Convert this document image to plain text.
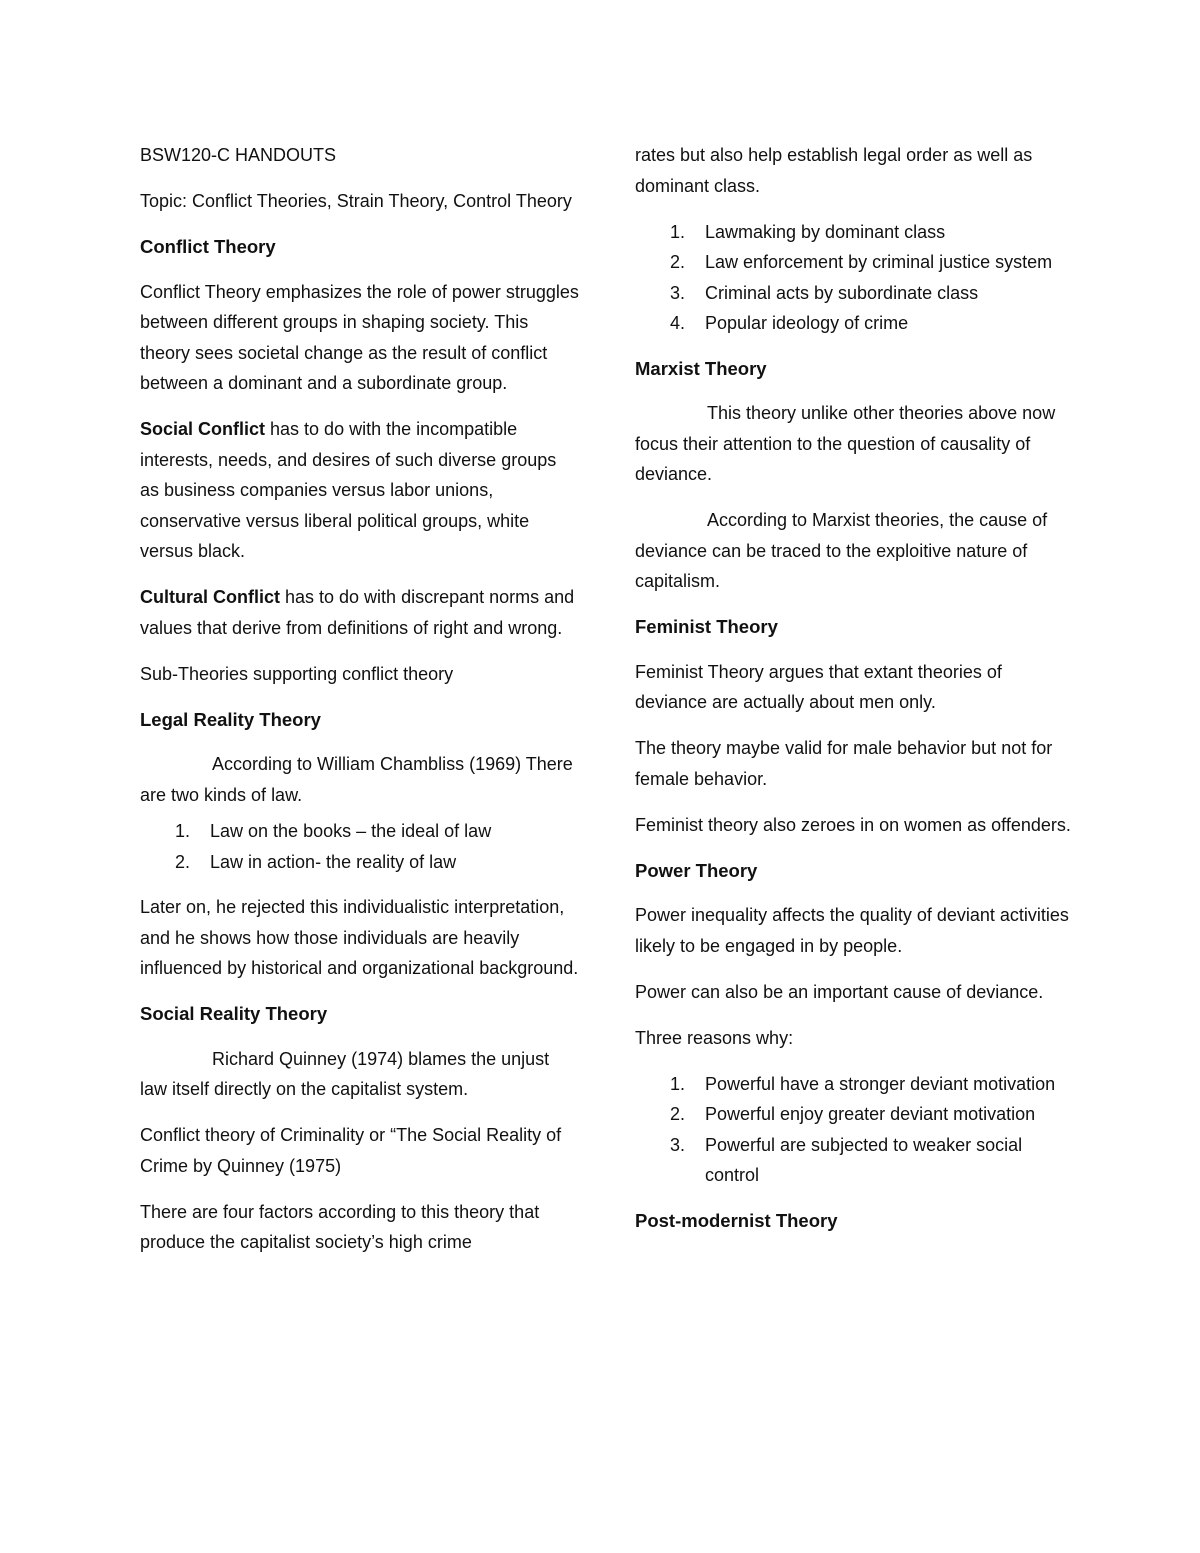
BSW120-C HANDOUTS

Topic: Conflict Theories, Strain Theory, Control Theory

Conflict Theory

Conflict Theory emphasizes the role of power struggles between different groups in shaping society. This theory sees societal change as the result of conflict between a dominant and a subordinate group.

Social Conflict has to do with the incompatible interests, needs, and desires of such diverse groups as business companies versus labor unions, conservative versus liberal political groups, white versus black.

Cultural Conflict has to do with discrepant norms and values that derive from definitions of right and wrong.

Sub-Theories supporting conflict theory

Legal Reality Theory

According to William Chambliss (1969) There are two kinds of law.

1. Law on the books – the ideal of law
2. Law in action- the reality of law

Later on, he rejected this individualistic interpretation, and he shows how those individuals are heavily influenced by historical and organizational background.

Social Reality Theory

Richard Quinney (1974) blames the unjust law itself directly on the capitalist system.

Conflict theory of Criminality or “The Social Reality of Crime by Quinney (1975)

There are four factors according to this theory that produce the capitalist society’s high crime

rates but also help establish legal order as well as dominant class.

1. Lawmaking by dominant class
2. Law enforcement by criminal justice system
3. Criminal acts by subordinate class
4. Popular ideology of crime
Marxist Theory

This theory unlike other theories above now focus their attention to the question of causality of deviance.

According to Marxist theories, the cause of deviance can be traced to the exploitive nature of capitalism.

Feminist Theory

Feminist Theory argues that extant theories of deviance are actually about men only.

The theory maybe valid for male behavior but not for female behavior.

Feminist theory also zeroes in on women as offenders.

Power Theory

Power inequality affects the quality of deviant activities likely to be engaged in by people.

Power can also be an important cause of deviance.

Three reasons why:

1. Powerful have a stronger deviant motivation
2. Powerful enjoy greater deviant motivation
3. Powerful are subjected to weaker social control
Post-modernist Theory
